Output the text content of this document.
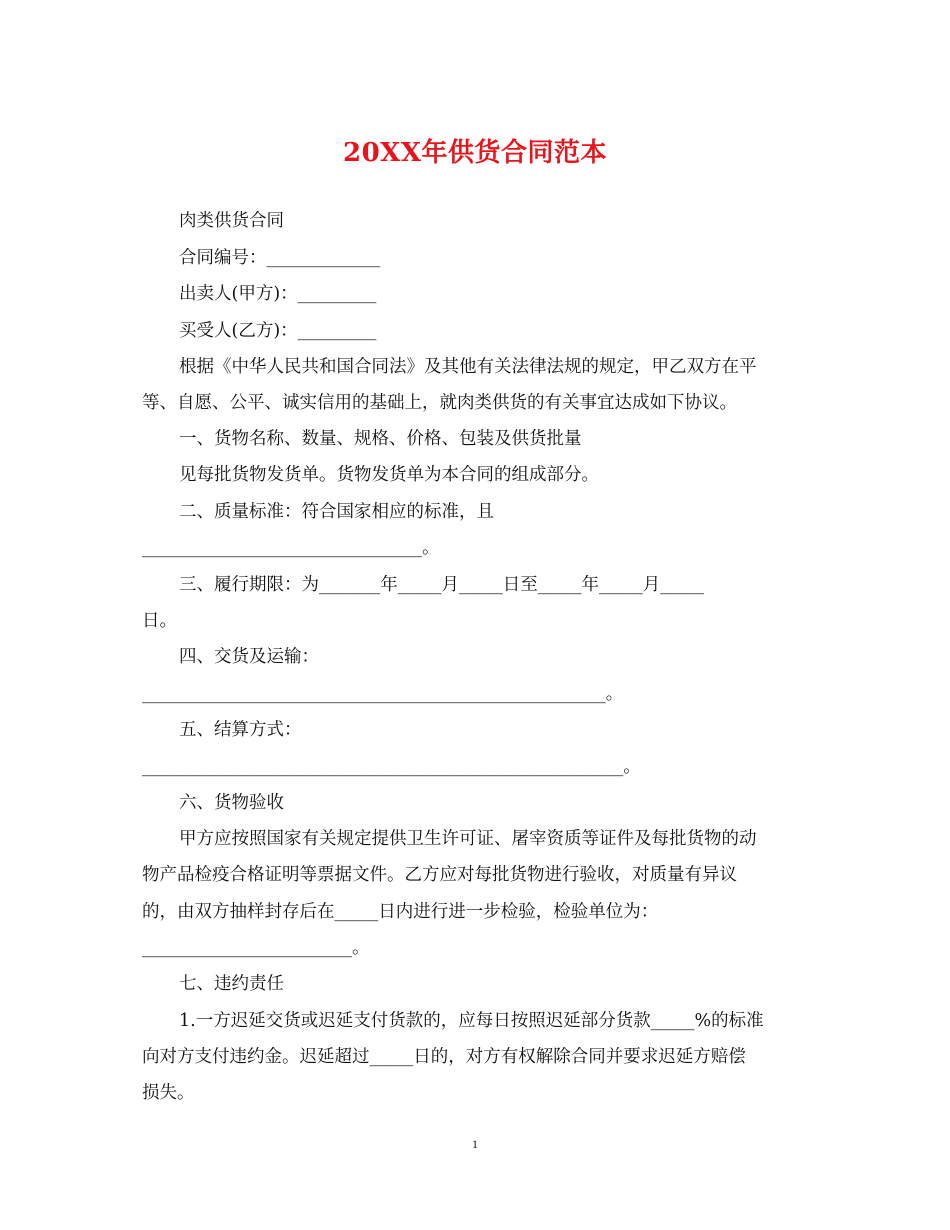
20XX年供货合同范本
肉类供货合同
合同编号：_____________
出卖人(甲方)：_________
买受人(乙方)：_________
根据《中华人民共和国合同法》及其他有关法律法规的规定，甲乙双方在平
等、自愿、公平、诚实信用的基础上，就肉类供货的有关事宜达成如下协议。
一、货物名称、数量、规格、价格、包装及供货批量
见每批货物发货单。货物发货单为本合同的组成部分。
二、质量标准：符合国家相应的标准，且
________________________________。
三、履行期限：为_______年_____月_____日至_____年_____月_____
日。
四、交货及运输：
_____________________________________________________。
五、结算方式：
_______________________________________________________。
六、货物验收
甲方应按照国家有关规定提供卫生许可证、屠宰资质等证件及每批货物的动
物产品检疫合格证明等票据文件。乙方应对每批货物进行验收，对质量有异议
的，由双方抽样封存后在_____日内进行进一步检验，检验单位为：
________________________。
七、违约责任
1.一方迟延交货或迟延支付货款的，应每日按照迟延部分货款_____%的标准
向对方支付违约金。迟延超过_____日的，对方有权解除合同并要求迟延方赔偿
损失。
1
